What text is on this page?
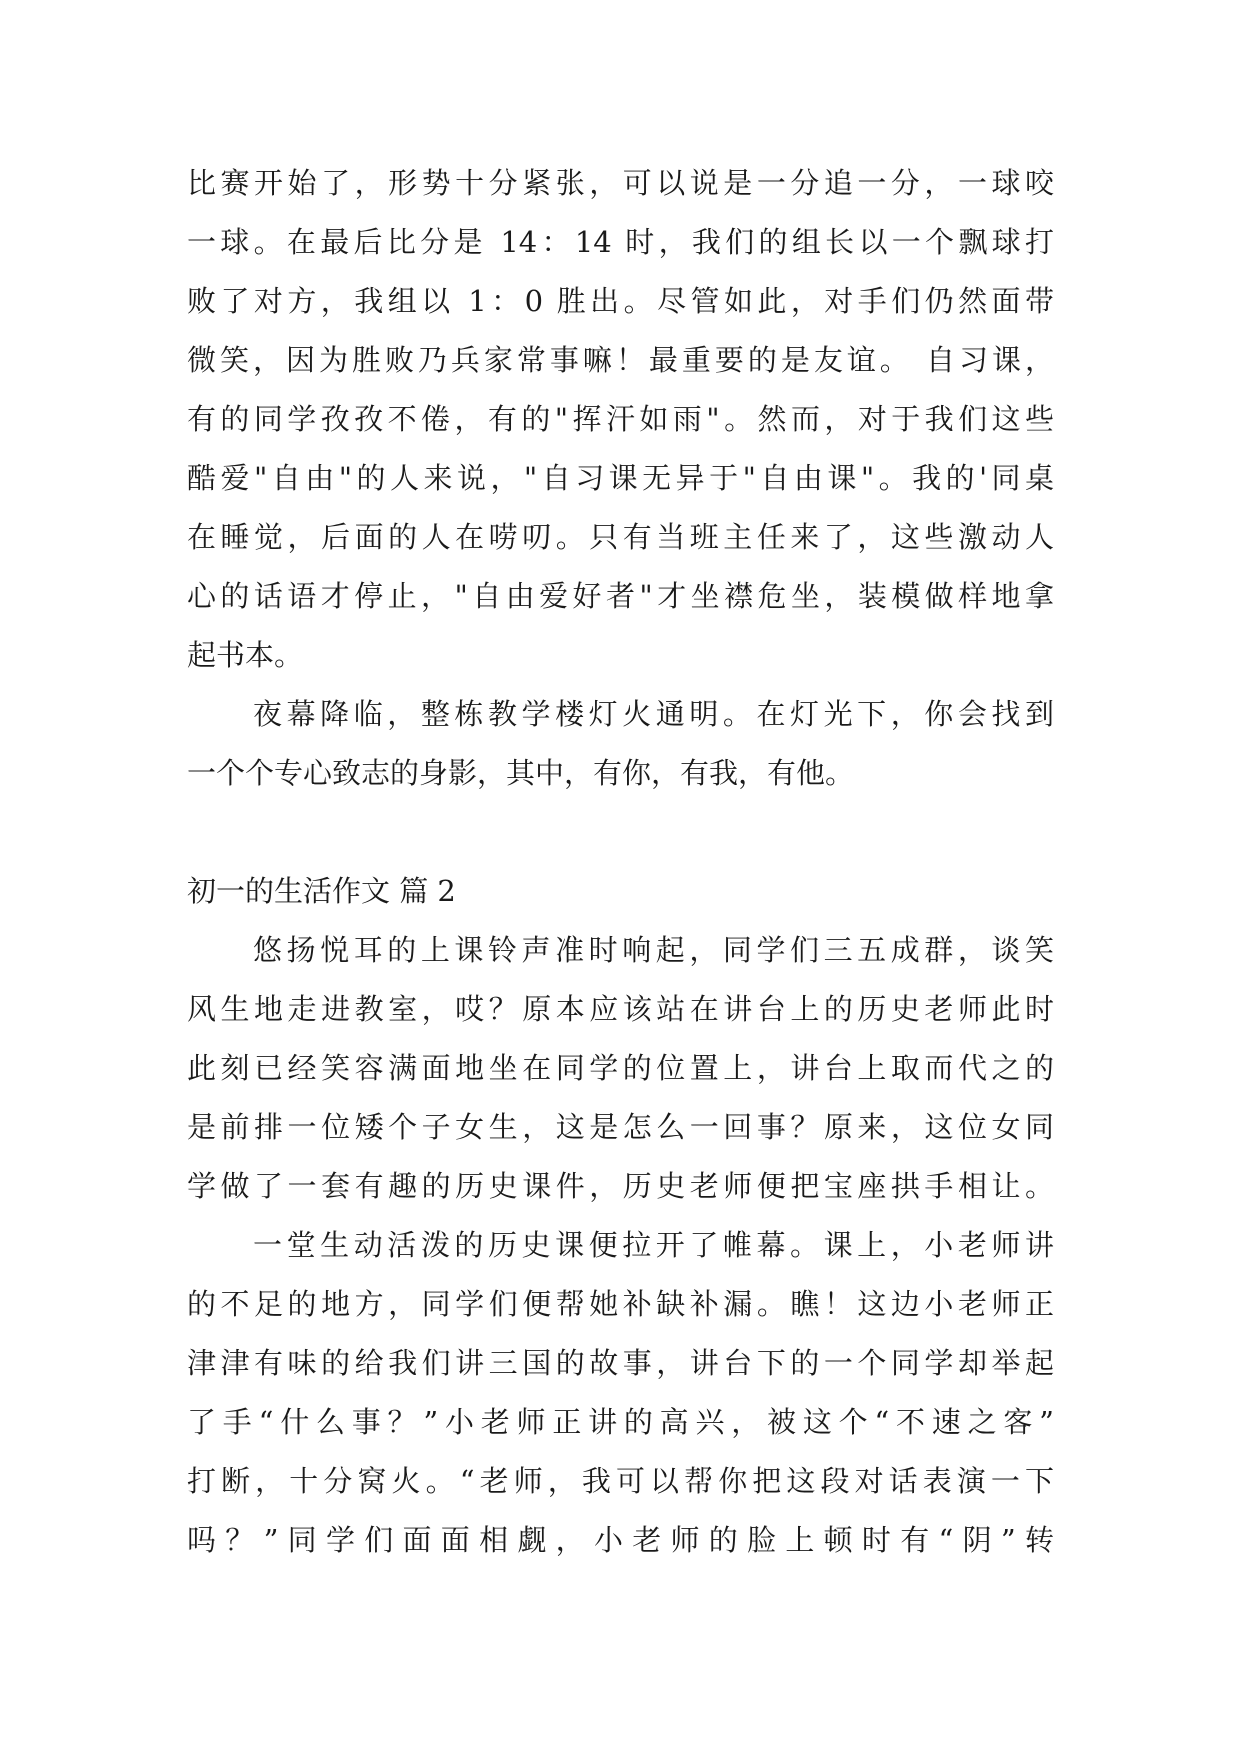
比赛开始了，形势十分紧张，可以说是一分追一分，一球咬
一球。在最后比分是 14：14 时，我们的组长以一个飘球打
败了对方，我组以 1：0 胜出。尽管如此，对手们仍然面带
微笑，因为胜败乃兵家常事嘛！最重要的是友谊。 自习课，
有的同学孜孜不倦，有的"挥汗如雨"。然而，对于我们这些
酷爱"自由"的人来说，"自习课无异于"自由课"。我的'同桌
在睡觉，后面的人在唠叨。只有当班主任来了，这些激动人
心的话语才停止，"自由爱好者"才坐襟危坐，装模做样地拿
起书本。
夜幕降临，整栋教学楼灯火通明。在灯光下，你会找到
一个个专心致志的身影，其中，有你，有我，有他。
初一的生活作文 篇 2
悠扬悦耳的上课铃声准时响起，同学们三五成群，谈笑
风生地走进教室，哎？原本应该站在讲台上的历史老师此时
此刻已经笑容满面地坐在同学的位置上，讲台上取而代之的
是前排一位矮个子女生，这是怎么一回事？原来，这位女同
学做了一套有趣的历史课件，历史老师便把宝座拱手相让。
一堂生动活泼的历史课便拉开了帷幕。课上，小老师讲
的不足的地方，同学们便帮她补缺补漏。瞧！这边小老师正
津津有味的给我们讲三国的故事，讲台下的一个同学却举起
了手“什么事？”小老师正讲的高兴，被这个“不速之客”
打断，十分窝火。“老师，我可以帮你把这段对话表演一下
吗？”同学们面面相觑，小老师的脸上顿时有“阴”转
